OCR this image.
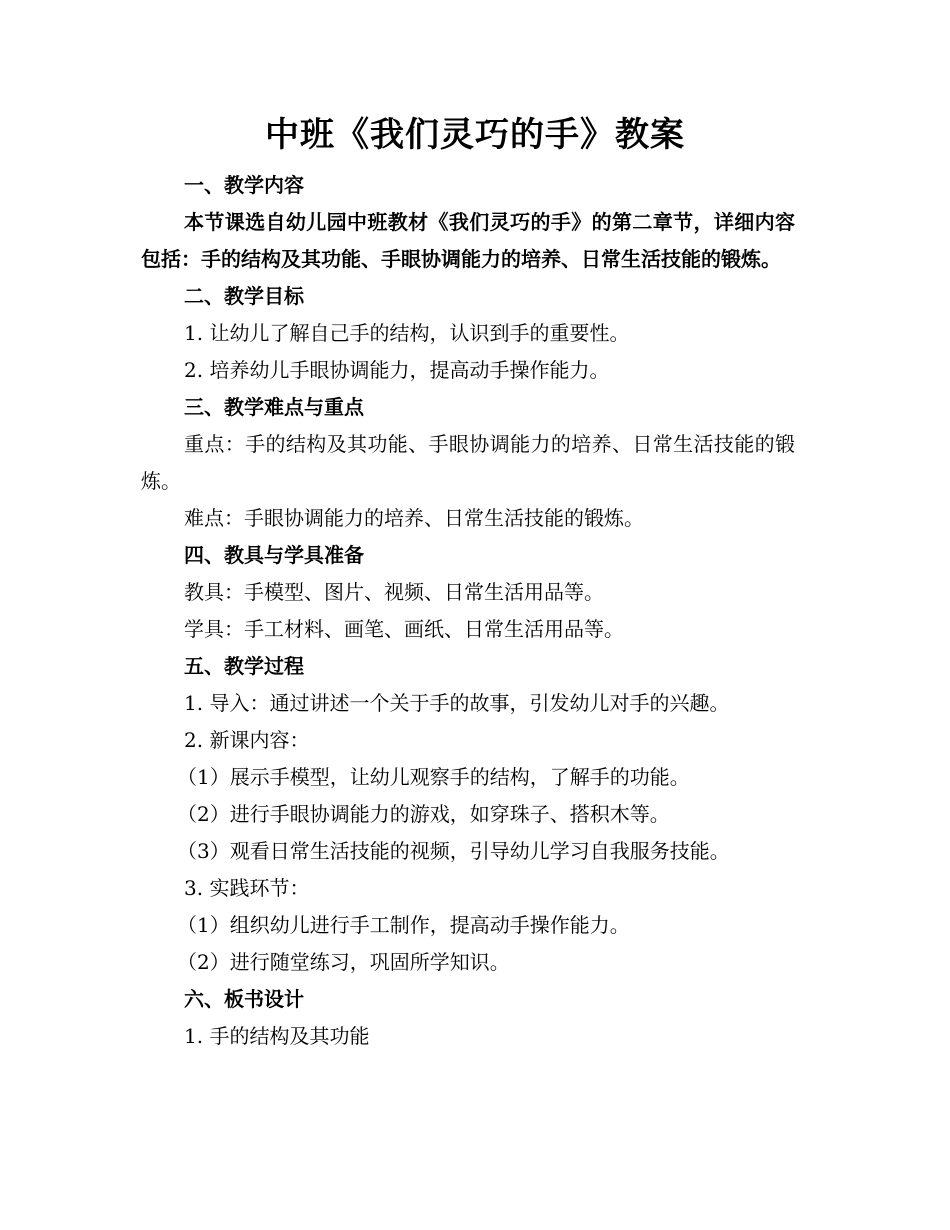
中班《我们灵巧的手》教案

一、教学内容

本节课选自幼儿园中班教材《我们灵巧的手》的第二章节，详细内容包括：手的结构及其功能、手眼协调能力的培养、日常生活技能的锻炼。

二、教学目标

1. 让幼儿了解自己手的结构，认识到手的重要性。

2. 培养幼儿手眼协调能力，提高动手操作能力。

三、教学难点与重点

重点：手的结构及其功能、手眼协调能力的培养、日常生活技能的锻炼。

难点：手眼协调能力的培养、日常生活技能的锻炼。

四、教具与学具准备

教具：手模型、图片、视频、日常生活用品等。

学具：手工材料、画笔、画纸、日常生活用品等。

五、教学过程

1. 导入：通过讲述一个关于手的故事，引发幼儿对手的兴趣。

2. 新课内容：

（1）展示手模型，让幼儿观察手的结构，了解手的功能。

（2）进行手眼协调能力的游戏，如穿珠子、搭积木等。

（3）观看日常生活技能的视频，引导幼儿学习自我服务技能。

3. 实践环节：

（1）组织幼儿进行手工制作，提高动手操作能力。

（2）进行随堂练习，巩固所学知识。

六、板书设计

1. 手的结构及其功能
